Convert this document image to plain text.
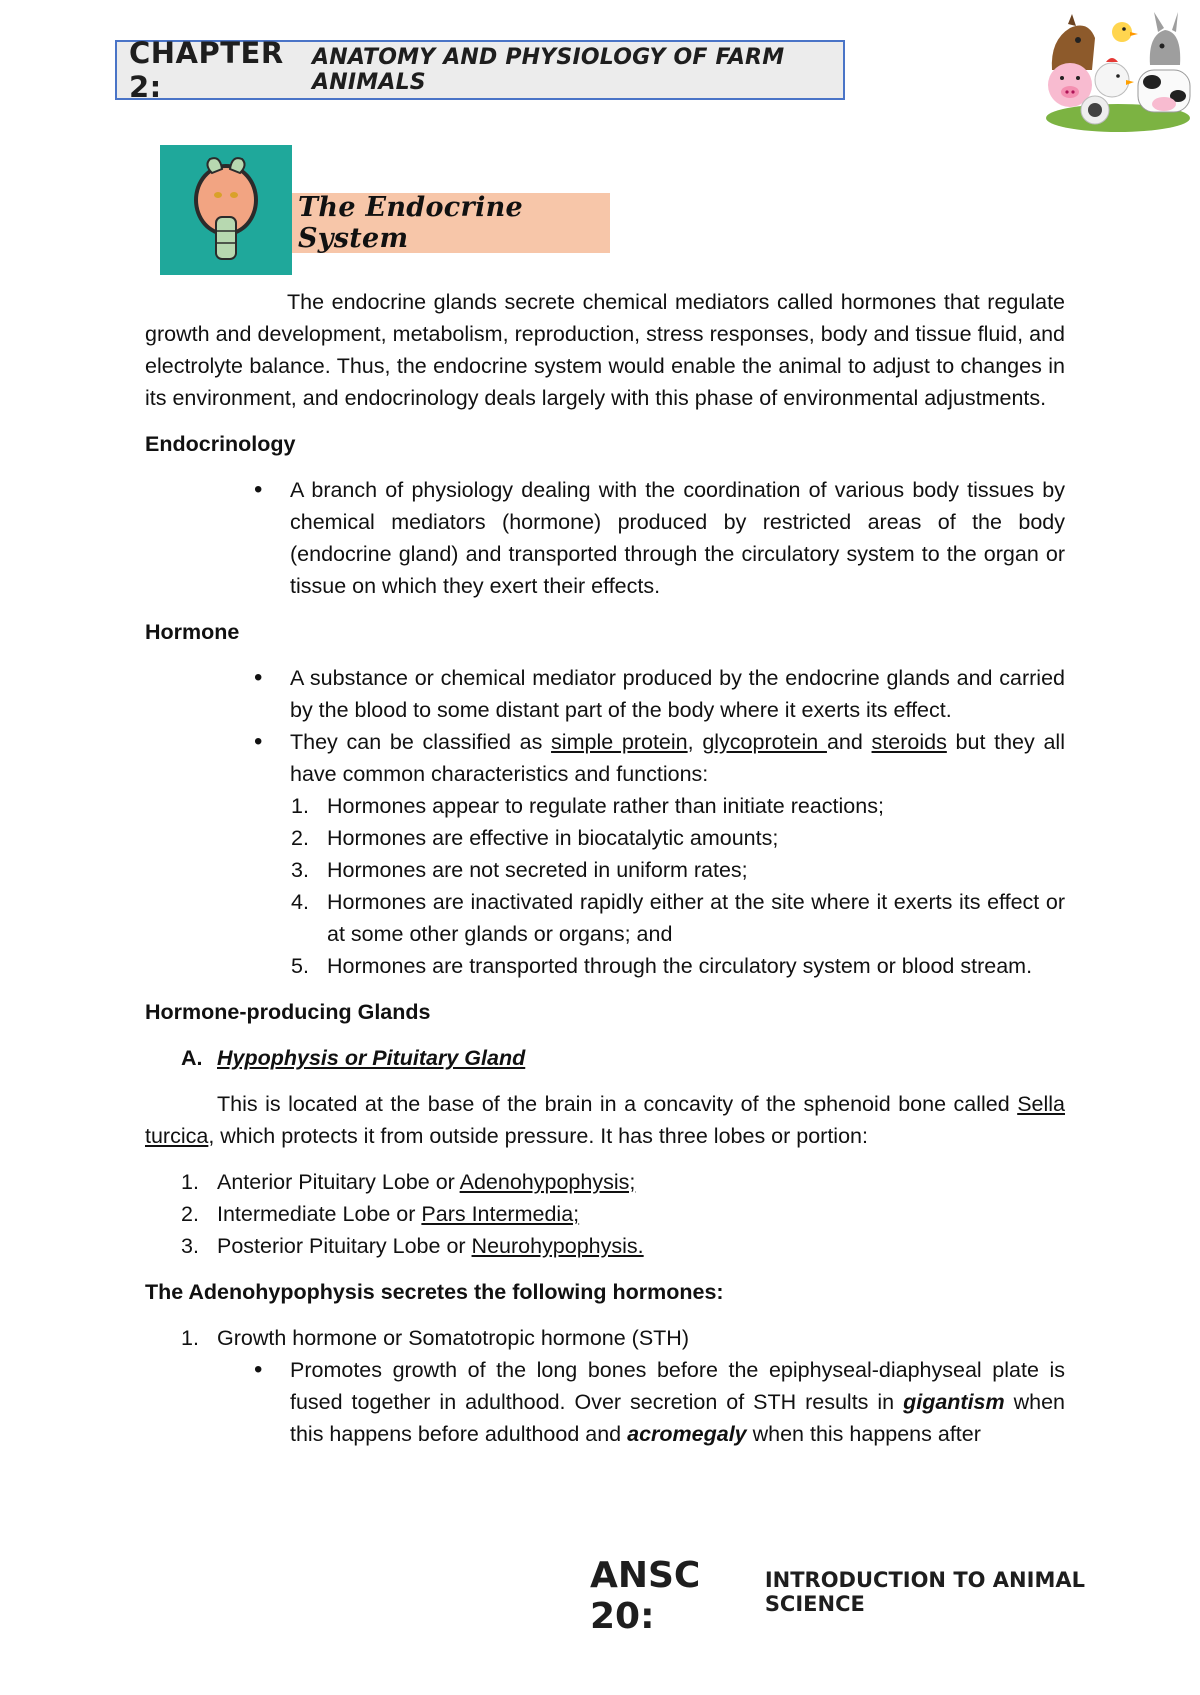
CHAPTER 2:
ANATOMY AND PHYSIOLOGY OF FARM ANIMALS
The Endocrine System

The endocrine glands secrete chemical mediators called hormones that regulate growth and development, metabolism, reproduction, stress responses, body and tissue fluid, and electrolyte balance. Thus, the endocrine system would enable the animal to adjust to changes in its environment, and endocrinology deals largely with this phase of environmental adjustments.

Endocrinology

• A branch of physiology dealing with the coordination of various body tissues by chemical mediators (hormone) produced by restricted areas of the body (endocrine gland) and transported through the circulatory system to the organ or tissue on which they exert their effects.

Hormone

• A substance or chemical mediator produced by the endocrine glands and carried by the blood to some distant part of the body where it exerts its effect.
• They can be classified as simple protein, glycoprotein and steroids but they all have common characteristics and functions:
1. Hormones appear to regulate rather than initiate reactions;
2. Hormones are effective in biocatalytic amounts;
3. Hormones are not secreted in uniform rates;
4. Hormones are inactivated rapidly either at the site where it exerts its effect or at some other glands or organs; and
5. Hormones are transported through the circulatory system or blood stream.

Hormone-producing Glands

A. Hypophysis or Pituitary Gland

This is located at the base of the brain in a concavity of the sphenoid bone called Sella turcica, which protects it from outside pressure. It has three lobes or portion:

1. Anterior Pituitary Lobe or Adenohypophysis;
2. Intermediate Lobe or Pars Intermedia;
3. Posterior Pituitary Lobe or Neurohypophysis.

The Adenohypophysis secretes the following hormones:

1. Growth hormone or Somatotropic hormone (STH)
• Promotes growth of the long bones before the epiphyseal-diaphyseal plate is fused together in adulthood. Over secretion of STH results in gigantism when this happens before adulthood and acromegaly when this happens after
ANSC 20:
INTRODUCTION TO ANIMAL SCIENCE
